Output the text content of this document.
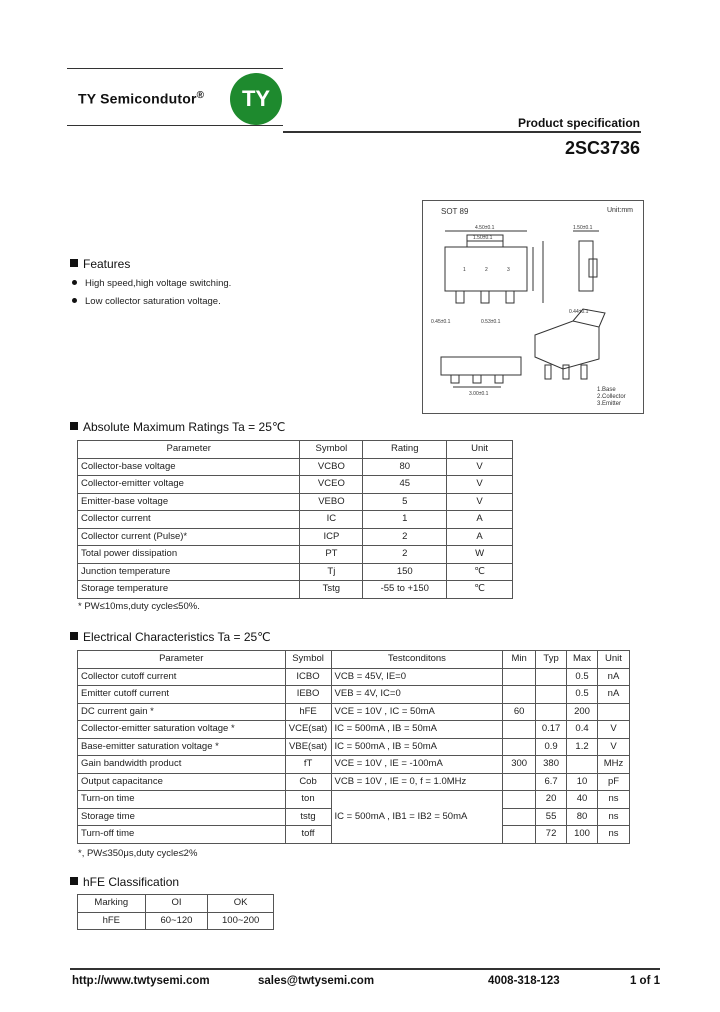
TY Semicondutor®	TY
Product specification
2SC3736
SOT 89	Unit:mm
4.50±0.1
1.50±0.1
0.45±0.1	0.53±0.1
1.50±0.1
0.44±0.1
3.00±0.1
1	2	3
1.Base
2.Collector
3.Emitter
Features
High speed,high voltage switching.
Low collector saturation voltage.
Absolute Maximum Ratings Ta = 25℃
Parameter	Symbol	Rating	Unit
Collector-base voltage	VCBO	80	V
Collector-emitter voltage	VCEO	45	V
Emitter-base voltage	VEBO	5	V
Collector current	IC	1	A
Collector current (Pulse)*	ICP	2	A
Total power dissipation	PT	2	W
Junction temperature	Tj	150	℃
Storage temperature	Tstg	-55 to +150	℃
* PW≤10ms,duty cycle≤50%.
Electrical Characteristics Ta = 25℃
Parameter	Symbol	Testconditons	Min	Typ	Max	Unit
Collector cutoff current	ICBO	VCB = 45V, IE=0			0.5	nA
Emitter cutoff current	IEBO	VEB = 4V, IC=0			0.5	nA
DC current gain *	hFE	VCE = 10V , IC = 50mA	60		200	
Collector-emitter saturation voltage *	VCE(sat)	IC = 500mA , IB = 50mA		0.17	0.4	V
Base-emitter saturation voltage *	VBE(sat)	IC = 500mA , IB = 50mA		0.9	1.2	V
Gain bandwidth product	fT	VCE = 10V , IE = -100mA	300	380		MHz
Output capacitance	Cob	VCB = 10V , IE = 0, f = 1.0MHz		6.7	10	pF
Turn-on time	ton	IC = 500mA , IB1 = IB2 = 50mA		20	40	ns
Storage time	tstg			55	80	ns
Turn-off time	toff			72	100	ns
*, PW≤350μs,duty cycle≤2%
hFE Classification
Marking	OI	OK
hFE	60~120	100~200
http://www.twtysemi.com	sales@twtysemi.com	4008-318-123	1 of 1
